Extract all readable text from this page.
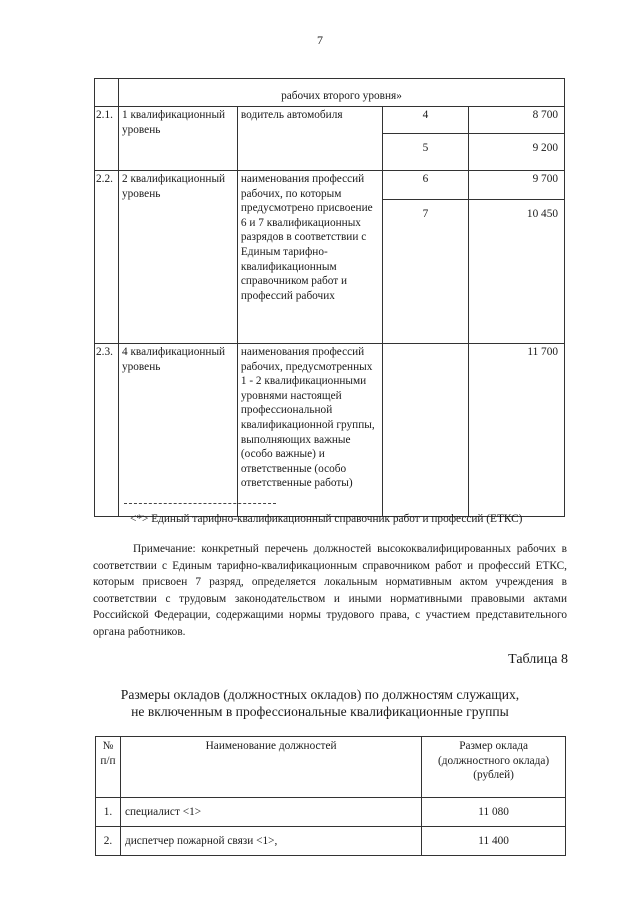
7
	рабочих второго уровня»			
2.1.	1 квалификационный уровень	водитель автомобиля	4	8 700
			5	9 200
2.2.	2 квалификационный уровень	наименования профессий рабочих, по которым предусмотрено присвоение 6 и 7 квалификационных разрядов в соответствии с Единым тарифно-квалификационным справочником работ и профессий рабочих	6	9 700
			7	10 450
2.3.	4 квалификационный уровень	наименования профессий рабочих, предусмотренных 1 - 2 квалификационными уровнями настоящей профессиональной квалификационной группы, выполняющих важные (особо важные) и ответственные (особо ответственные работы)		11 700
<*> Единый тарифно-квалификационный справочник работ и профессий (ЕТКС)

Примечание: конкретный перечень должностей высококвалифицированных рабочих в соответствии с Единым тарифно-квалификационным справочником работ и профессий ЕТКС, которым присвоен 7 разряд, определяется локальным нормативным актом учреждения в соответствии с трудовым законодательством и иными нормативными правовыми актами Российской Федерации, содержащими нормы трудового права, с участием представительного органа работников.

Таблица 8
Размеры окладов (должностных окладов) по должностям служащих,
не включенным в профессиональные квалификационные группы
№ п/п	Наименование должностей	Размер оклада (должностного оклада) (рублей)
1.	специалист <1>	11 080
2.	диспетчер пожарной связи <1>,	11 400
